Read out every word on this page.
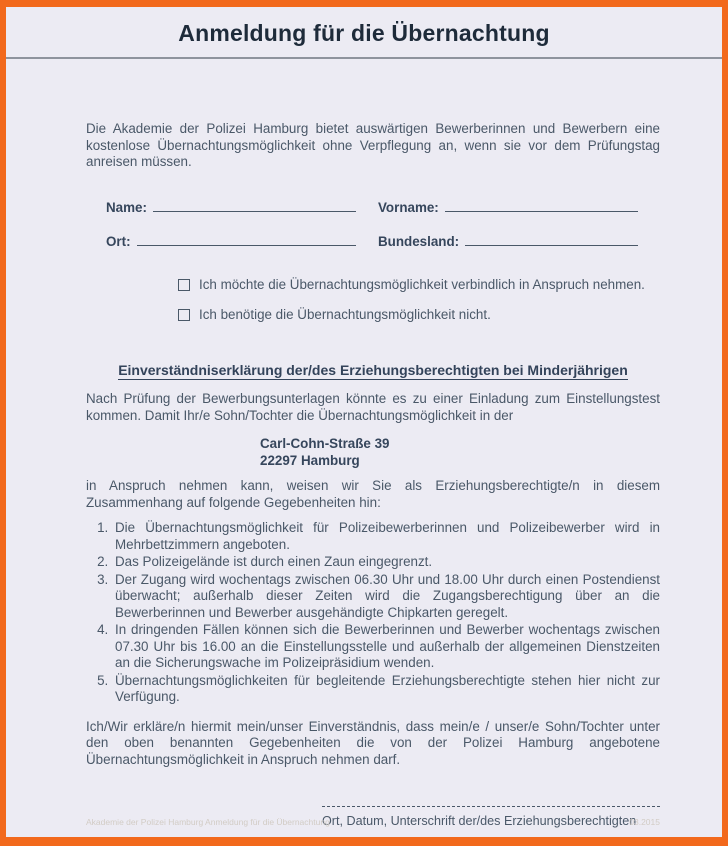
Anmeldung für die Übernachtung

Die Akademie der Polizei Hamburg bietet auswärtigen Bewerberinnen und Bewerbern eine kostenlose Übernachtungsmöglichkeit ohne Verpflegung an, wenn sie vor dem Prüfungstag anreisen müssen.

Name:	Vorname:
Ort:	Bundesland:
Ich möchte die Übernachtungsmöglichkeit verbindlich in Anspruch nehmen.
Ich benötige die Übernachtungsmöglichkeit nicht.
Einverständniserklärung der/des Erziehungsberechtigten bei Minderjährigen

Nach Prüfung der Bewerbungsunterlagen könnte es zu einer Einladung zum Einstellungstest kommen. Damit Ihr/e Sohn/Tochter die Übernachtungsmöglichkeit in der

Carl-Cohn-Straße 39
22297 Hamburg

in Anspruch nehmen kann, weisen wir Sie als Erziehungsberechtigte/n in diesem Zusammenhang auf folgende Gegebenheiten hin:

1. Die Übernachtungsmöglichkeit für Polizeibewerberinnen und Polizeibewerber wird in Mehrbettzimmern angeboten.
2. Das Polizeigelände ist durch einen Zaun eingegrenzt.
3. Der Zugang wird wochentags zwischen 06.30 Uhr und 18.00 Uhr durch einen Postendienst überwacht; außerhalb dieser Zeiten wird die Zugangsberechtigung über an die Bewerberinnen und Bewerber ausgehändigte Chipkarten geregelt.
4. In dringenden Fällen können sich die Bewerberinnen und Bewerber wochentags zwischen 07.30 Uhr bis 16.00 an die Einstellungsstelle und außerhalb der allgemeinen Dienstzeiten an die Sicherungswache im Polizeipräsidium wenden.
5. Übernachtungsmöglichkeiten für begleitende Erziehungsberechtigte stehen hier nicht zur Verfügung.

Ich/Wir erkläre/n hiermit mein/unser Einverständnis, dass mein/e / unser/e Sohn/Tochter unter den oben benannten Gegebenheiten die von der Polizei Hamburg angebotene Übernachtungsmöglichkeit in Anspruch nehmen darf.

Ort, Datum, Unterschrift der/des Erziehungsberechtigten
Akademie der Polizei Hamburg Anmeldung für die Übernachtung	03.2015
